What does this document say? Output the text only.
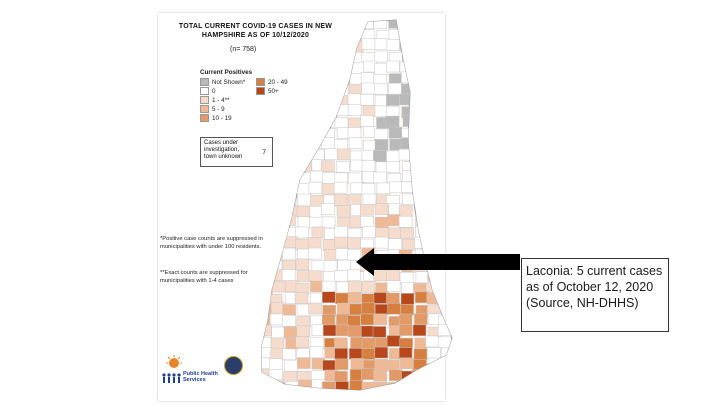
TOTAL CURRENT COVID-19 CASES IN NEW
HAMPSHIRE AS OF 10/12/2020
(n= 758)
Current Positives
Not Shown*	20 - 49
0	50+
1 - 4**
5 - 9
10 - 19
Cases under investigation, town unknown
7
*Positive case counts are suppressed in municipalities with under 100 residents.
**Exact counts are suppressed for municipalities with 1-4 cases
Public Health Services
Laconia: 5 current cases as of October 12, 2020 (Source, NH-DHHS)
